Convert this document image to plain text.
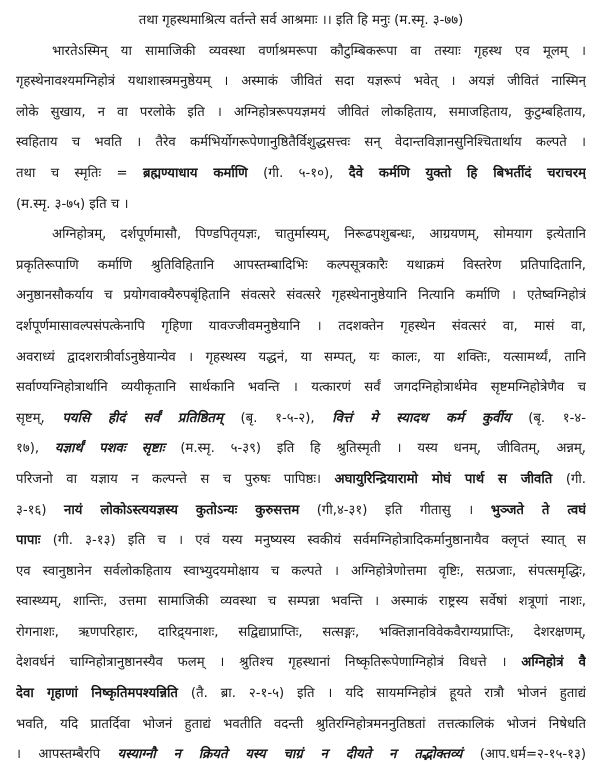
तथा गृहस्थमाश्रित्य वर्तन्ते सर्व आश्रमाः ।। इति हि मनुः (म.स्मृ. ३-७७)
भारतेऽस्मिन् या सामाजिकी व्यवस्था वर्णाश्रमरूपा कौटुम्बिकरूपा वा तस्याः गृहस्थ एव मूलम् ।
गृहस्थेनावश्यमग्निहोत्रं यथाशास्त्रमनुष्ठेयम् । अस्माकं जीवितं सदा यज्ञरूपं भवेत् । अयज्ञं जीवितं नास्मिन्
लोके सुखाय, न वा परलोके इति । अग्निहोत्ररूपयज्ञमयं जीवितं लोकहिताय, समाजहिताय, कुटुम्बहिताय,
स्वहिताय च भवति । तैरेव कर्मभिर्योगरूपेणानुष्ठितैर्विशुद्धसत्त्वः सन् वेदान्तविज्ञानसुनिश्चितार्थाय कल्पते ।
तथा च स्मृतिः = ब्रह्मण्याधाय कर्माणि (गी. ५-१०), दैवे कर्मणि युक्तो हि बिभर्तीदं चराचरम्
(म.स्मृ. ३-७५) इति च ।
अग्निहोत्रम्, दर्शपूर्णमासौ, पिण्डपितृयज्ञः, चातुर्मास्यम्, निरूढपशुबन्धः, आग्रयणम्, सोमयाग इत्येतानि
प्रकृतिरूपाणि कर्माणि श्रुतिविहितानि आपस्तम्बादिभिः कल्पसूत्रकारैः यथाक्रमं विस्तरेण प्रतिपादितानि,
अनुष्ठानसौकर्याय च प्रयोगवाक्यैरुपबृंहितानि संवत्सरे संवत्सरे गृहस्थेनानुष्ठेयानि नित्यानि कर्माणि । एतेष्वग्निहोत्रं
दर्शपूर्णमासावल्पसंपत्केनापि गृहिणा यावज्जीवमनुष्ठेयानि । तदशक्तेन गृहस्थेन संवत्सरं वा, मासं वा,
अवराध्यं द्वादशरात्रीर्वाऽनुष्ठेयान्येव । गृहस्थस्य यद्धनं, या सम्पत्, यः कालः, या शक्तिः, यत्सामर्थ्यं, तानि
सर्वाण्यग्निहोत्रार्थानि व्ययीकृतानि सार्थकानि भवन्ति । यत्कारणं सर्वं जगदग्निहोत्रार्थमेव सृष्टमग्निहोत्रेणैव च
सृष्टम्, पयसि हीदं सर्वं प्रतिष्ठितम् (बृ. १-५-२), वित्तं मे स्यादथ कर्म कुर्वीय (बृ. १-४-
१७), यज्ञार्थं पशवः सृष्टाः (म.स्मृ. ५-३९) इति हि श्रुतिस्मृती । यस्य धनम्, जीवितम्, अन्नम्,
परिजनो वा यज्ञाय न कल्पन्ते स च पुरुषः पापिष्ठः। अघायुरिन्द्रियारामो मोघं पार्थ स जीवति (गी.
३-१६) नायं लोकोऽस्त्ययज्ञस्य कुतोऽन्यः कुरुसत्तम (गी,४-३१) इति गीतासु । भुञ्जते ते त्वघं
पापाः (गी. ३-१३) इति च । एवं यस्य मनुष्यस्य स्वकीयं सर्वमग्निहोत्रादिकर्मानुष्ठानायैव क्लृप्तं स्यात् स
एव स्वानुष्ठानेन सर्वलोकहिताय स्वाभ्युदयमोक्षाय च कल्पते । अग्निहोत्रेणोत्तमा वृष्टिः, सत्प्रजाः, संपत्समृद्धिः,
स्वास्थ्यम्, शान्तिः, उत्तमा सामाजिकी व्यवस्था च सम्पन्ना भवन्ति । अस्माकं राष्ट्रस्य सर्वेषां शत्रूणां नाशः,
रोगनाशः, ऋणपरिहारः, दारिद्र्यनाशः, सद्विद्याप्राप्तिः, सत्सङ्गः, भक्तिज्ञानविवेकवैराग्यप्राप्तिः, देशरक्षणम्,
देशवर्धनं चाग्निहोत्रानुष्ठानस्यैव फलम् । श्रुतिश्च गृहस्थानां निष्कृतिरूपेणाग्निहोत्रं विधत्ते । अग्निहोत्रं वै
देवा गृहाणां निष्कृतिमपश्यन्निति (तै. ब्रा. २-१-५) इति । यदि सायमग्निहोत्रं हूयते रात्रौ भोजनं हुताद्यं
भवति, यदि प्रातर्दिवा भोजनं हुताद्यं भवतीति वदन्ती श्रुतिरग्निहोत्रमननुतिष्ठतां तत्तत्कालिकं भोजनं निषेधति
। आपस्तम्बैरपि यस्याग्नौ न क्रियते यस्य चाग्रं न दीयते न तद्भोक्तव्यं (आप.धर्म=२-१५-१३)
